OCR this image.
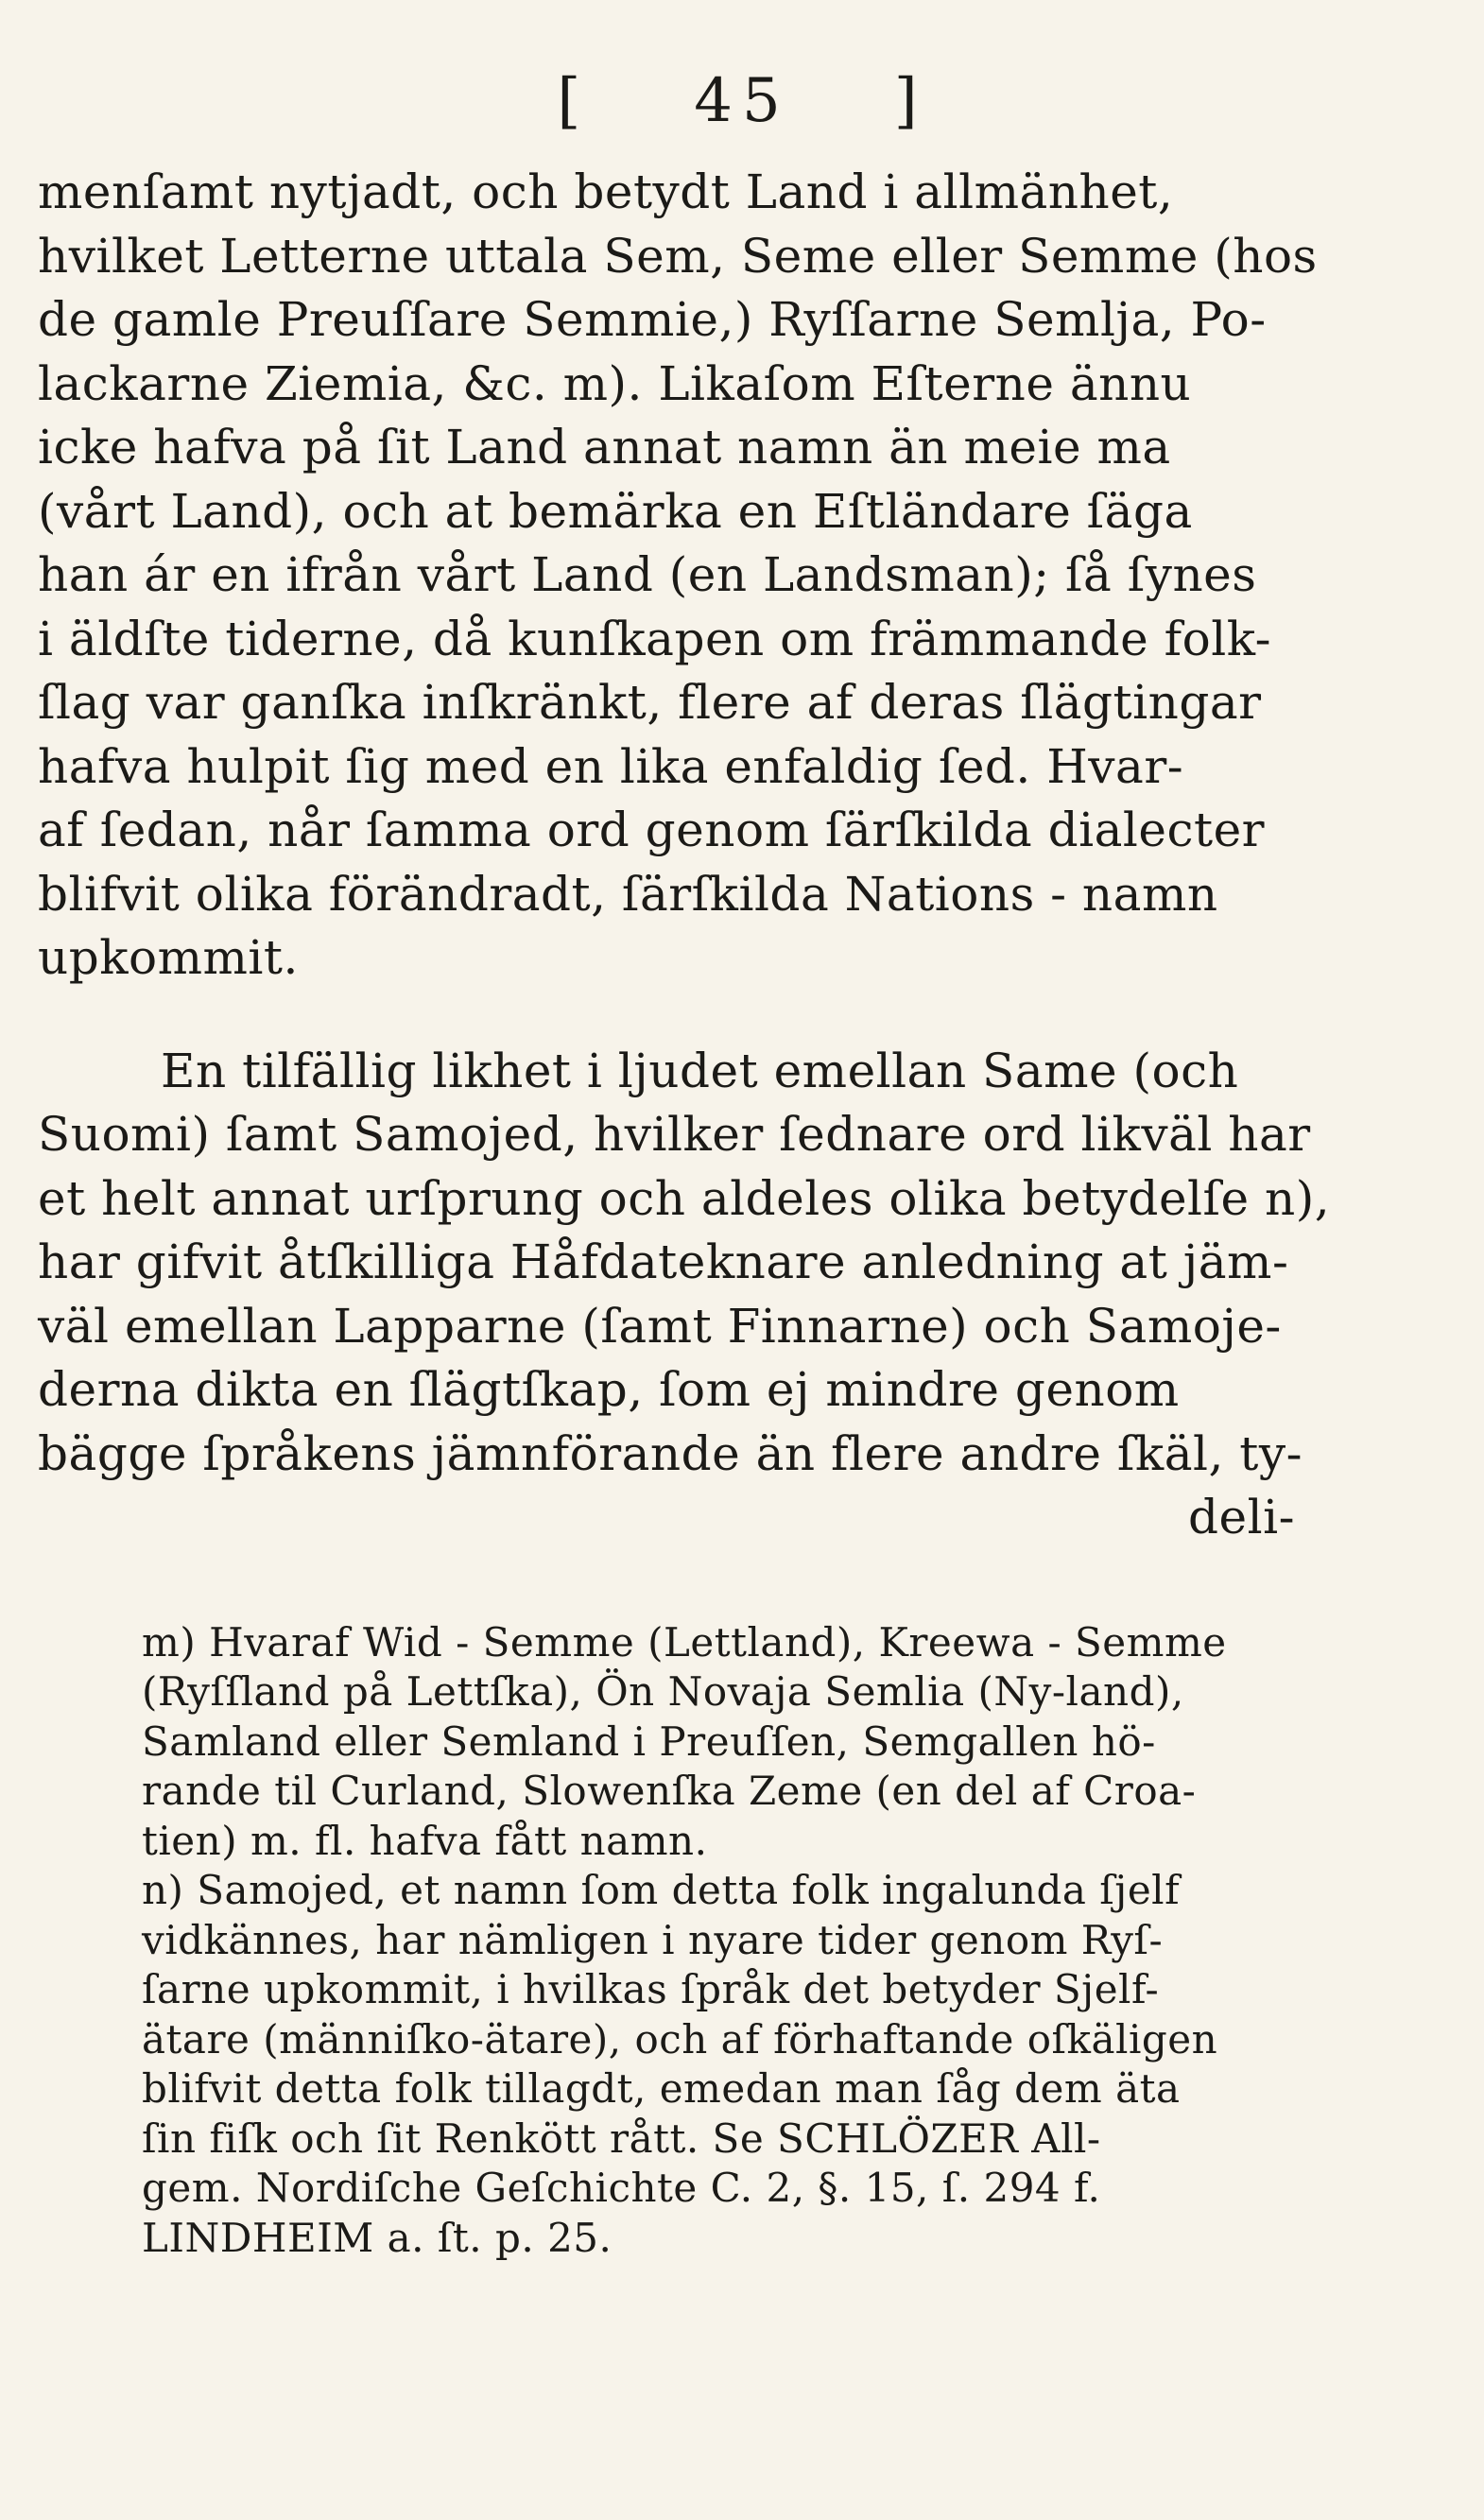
[ 45 ]
menſamt nytjadt, och betydt Land i allmänhet,
hvilket Letterne uttala Sem, Seme eller Semme (hos
de gamle Preuſſare Semmie,) Ryſſarne Semlja, Po-
lackarne Ziemia, &c. m). Likaſom Eſterne ännu
icke hafva på ſit Land annat namn än meie ma
(vårt Land), och at bemärka en Eſtländare ſäga
han ár en ifrån vårt Land (en Landsman); ſå ſynes
i äldſte tiderne, då kunſkapen om främmande folk-
ſlag var ganſka inſkränkt, flere af deras ſlägtingar
hafva hulpit ſig med en lika enfaldig ſed. Hvar-
af ſedan, når ſamma ord genom ſärſkilda dialecter
blifvit olika förändradt, ſärſkilda Nations - namn
upkommit.
En tilfällig likhet i ljudet emellan Same (och
Suomi) ſamt Samojed, hvilker ſednare ord likväl har
et helt annat urſprung och aldeles olika betydelſe n),
har gifvit åtſkilliga Håfdateknare anledning at jäm-
väl emellan Lapparne (ſamt Finnarne) och Samoje-
derna dikta en ſlägtſkap, ſom ej mindre genom
bägge ſpråkens jämnförande än flere andre ſkäl, ty-
deli-
m) Hvaraf Wid - Semme (Lettland), Kreewa - Semme
(Ryſſland på Lettſka), Ön Novaja Semlia (Ny-land),
Samland eller Semland i Preuſſen, Semgallen hö-
rande til Curland, Slowenſka Zeme (en del af Croa-
tien) m. fl. hafva fått namn.
n) Samojed, et namn ſom detta folk ingalunda ſjelf
vidkännes, har nämligen i nyare tider genom Ryſ-
ſarne upkommit, i hvilkas ſpråk det betyder Sjelf-
ätare (männiſko-ätare), och af förhaftande oſkäligen
blifvit detta folk tillagdt, emedan man ſåg dem äta
ſin fiſk och ſit Renkött rått. Se SCHLÖZER All-
gem. Nordiſche Geſchichte C. 2, §. 15, ſ. 294 f.
LINDHEIM a. ſt. p. 25.
